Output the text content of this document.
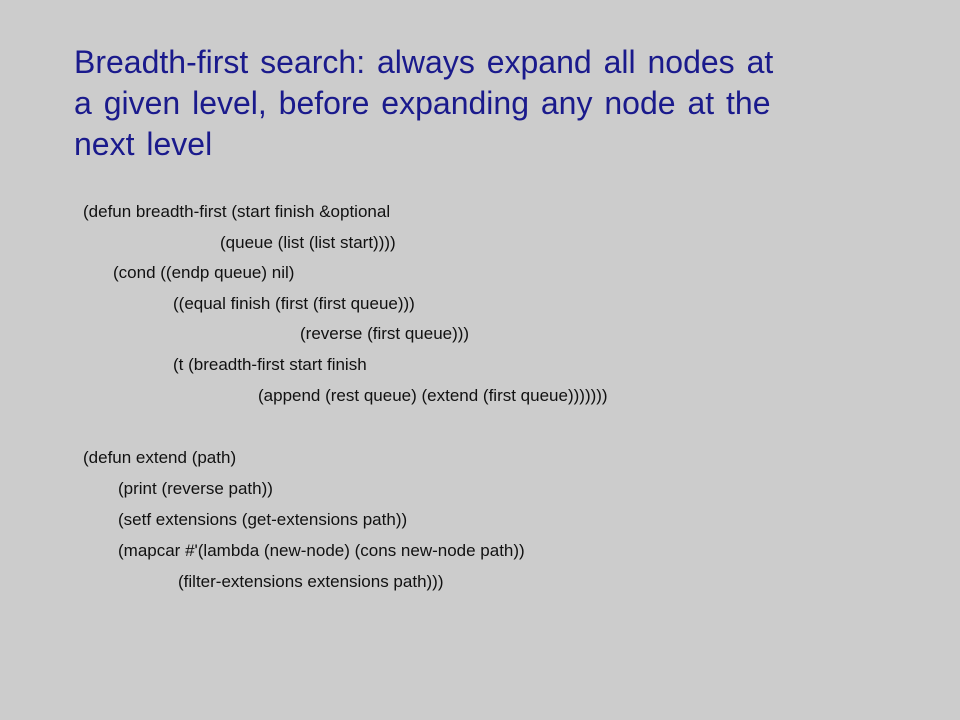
Breadth-first search: always expand all nodes at
a given level, before expanding any node at the
next level
(defun breadth-first (start finish &optional
(queue (list (list start))))
(cond ((endp queue) nil)
((equal finish (first (first queue)))
(reverse (first queue)))
(t (breadth-first start finish
(append (rest queue) (extend (first queue)))))))
(defun extend (path)
(print (reverse path))
(setf extensions (get-extensions path))
(mapcar #'(lambda (new-node) (cons new-node path))
(filter-extensions extensions path)))
